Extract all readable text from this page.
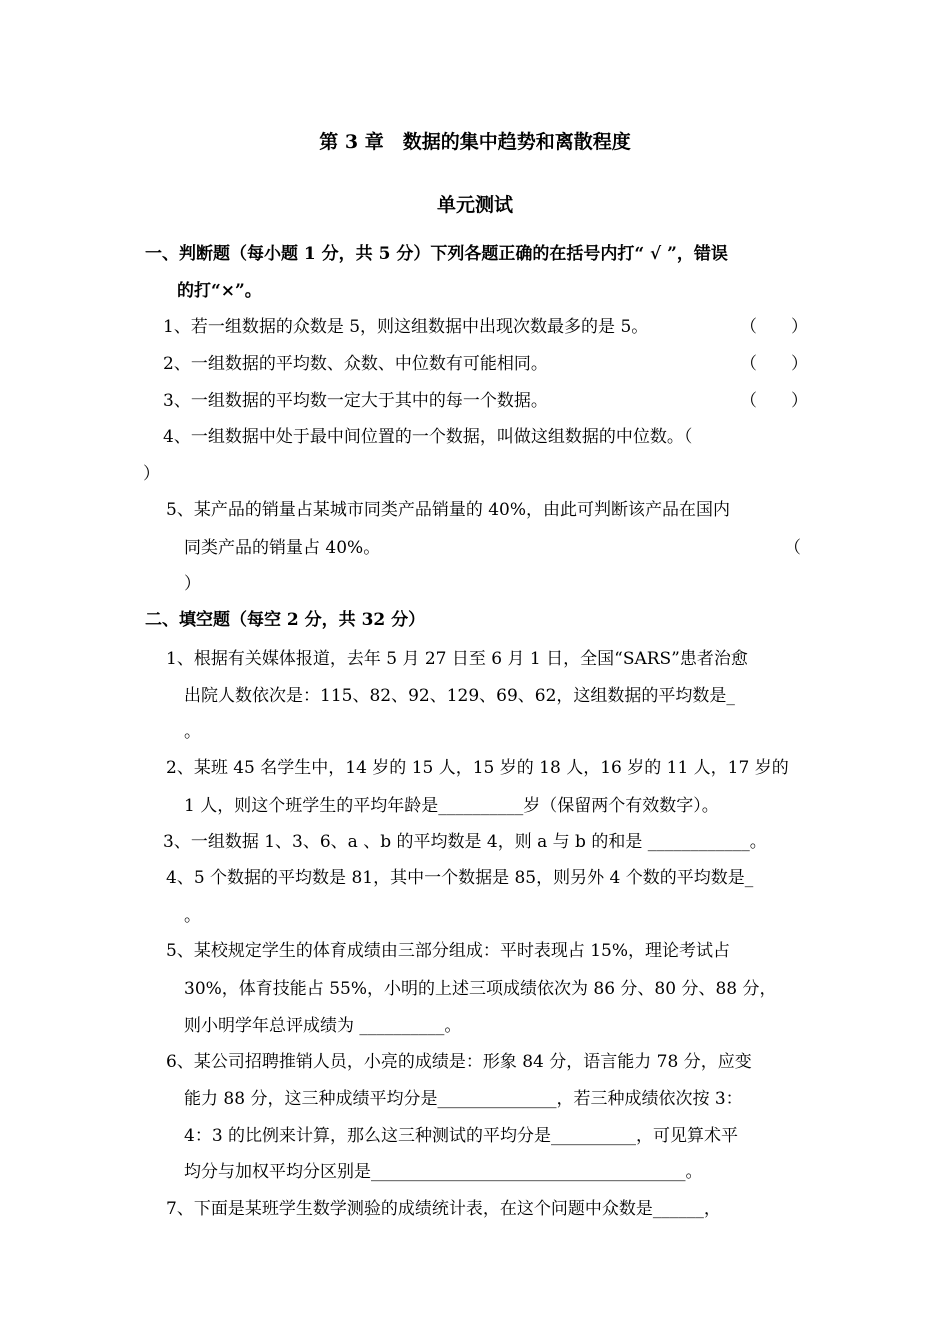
第 3 章　数据的集中趋势和离散程度
单元测试
一、判断题（每小题 1 分，共 5 分）下列各题正确的在括号内打“ √ ”，错误
的打“×”。
1、若一组数据的众数是 5，则这组数据中出现次数最多的是 5。	（　　）
2、一组数据的平均数、众数、中位数有可能相同。	（　　）
3、一组数据的平均数一定大于其中的每一个数据。	（　　）
4、一组数据中处于最中间位置的一个数据，叫做这组数据的中位数。（
）
5、某产品的销量占某城市同类产品销量的 40%，由此可判断该产品在国内
同类产品的销量占 40%。	（
）
二、填空题（每空 2 分，共 32 分）
1、根据有关媒体报道，去年 5 月 27 日至 6 月 1 日，全国“SARS”患者治愈
出院人数依次是：115、82、92、129、69、62，这组数据的平均数是_
。
2、某班 45 名学生中，14 岁的 15 人，15 岁的 18 人，16 岁的 11 人，17 岁的
1 人，则这个班学生的平均年龄是__________岁（保留两个有效数字）。
3、一组数据 1、3、6、a 、b 的平均数是 4，则 a 与 b 的和是 ____________。
4、5 个数据的平均数是 81，其中一个数据是 85，则另外 4 个数的平均数是_
。
5、某校规定学生的体育成绩由三部分组成：平时表现占 15%，理论考试占
30%，体育技能占 55%，小明的上述三项成绩依次为 86 分、80 分、88 分，
则小明学年总评成绩为 __________。
6、某公司招聘推销人员，小亮的成绩是：形象 84 分，语言能力 78 分，应变
能力 88 分，这三种成绩平均分是______________，若三种成绩依次按 3：
4：3 的比例来计算，那么这三种测试的平均分是__________，可见算术平
均分与加权平均分区别是_____________________________________。
7、下面是某班学生数学测验的成绩统计表，在这个问题中众数是______，
